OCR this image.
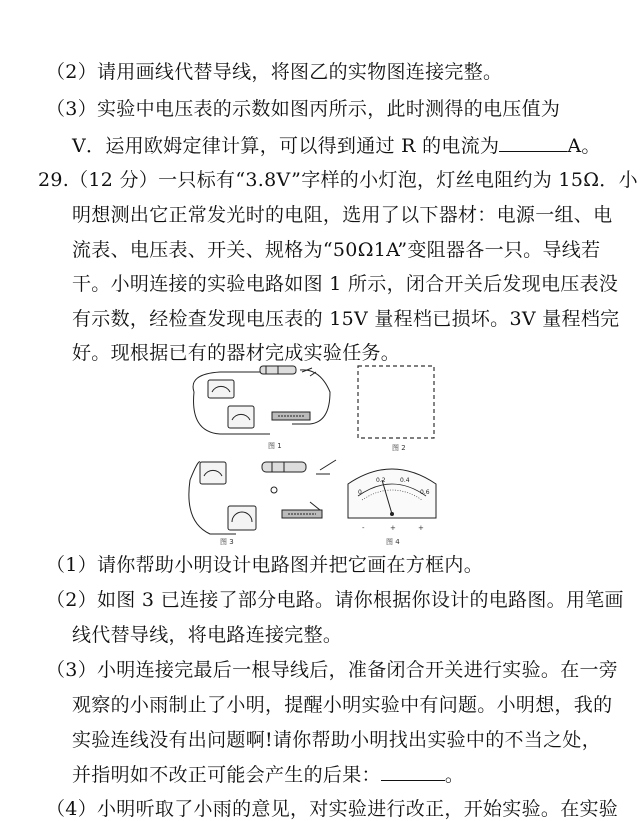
（2）请用画线代替导线，将图乙的实物图连接完整。
（3）实验中电压表的示数如图丙所示，此时测得的电压值为
V．运用欧姆定律计算，可以得到通过 R 的电流为	A。
29.（12 分）一只标有“3.8V”字样的小灯泡，灯丝电阻约为 15Ω．小
明想测出它正常发光时的电阻，选用了以下器材：电源一组、电
流表、电压表、开关、规格为“50Ω1A”变阻器各一只。导线若
干。小明连接的实验电路如图 1 所示，闭合开关后发现电压表没
有示数，经检查发现电压表的 15V 量程档已损坏。3V 量程档完
好。现根据已有的器材完成实验任务。
图 1	图 2
图 3
0
0.2 0.4
0.6
-	+	+
图 4
（1）请你帮助小明设计电路图并把它画在方框内。
（2）如图 3 已连接了部分电路。请你根据你设计的电路图。用笔画
线代替导线，将电路连接完整。
（3）小明连接完最后一根导线后，准备闭合开关进行实验。在一旁
观察的小雨制止了小明，提醒小明实验中有问题。小明想，我的
实验连线没有出问题啊!请你帮助小明找出实验中的不当之处，
并指明如不改正可能会产生的后果：	。
（4）小明听取了小雨的意见，对实验进行改正，开始实验。在实验
